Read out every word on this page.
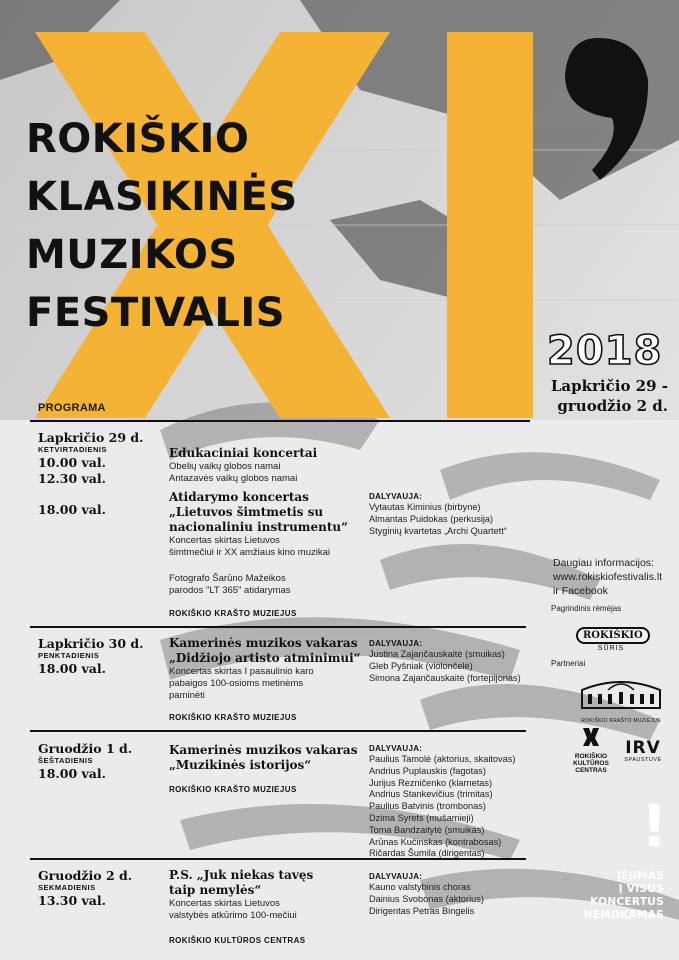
ROKIŠKIO
KLASIKINĖS
MUZIKOS
FESTIVALIS
2018
Lapkričio 29 -
gruodžio 2 d.
PROGRAMA
Lapkričio 29 d.
KETVIRTADIENIS
10.00 val.
12.30 val.
18.00 val.
Edukaciniai koncertai
Obelių vaikų globos namai
Antazavės vaikų globos namai
Atidarymo koncertas
„Lietuvos šimtmetis su
nacionaliniu instrumentu“
Koncertas skirtas Lietuvos
šimtmečiui ir XX amžiaus kino muzikai
Fotografo Šarūno Mažeikos
parodos "LT 365" atidarymas
ROKIŠKIO KRAŠTO MUZIEJUS
DALYVAUJA:
Vytautas Kiminius (birbyne)
Almantas Puidokas (perkusija)
Styginių kvartetas „Archi Quartett“
Lapkričio 30 d.
PENKTADIENIS
18.00 val.
Kamerinės muzikos vakaras
„Didžiojo artisto atminimui“
Koncertas skirtas I pasaulinio karo
pabaigos 100-osioms metinėms
paminėti
ROKIŠKIO KRAŠTO MUZIEJUS
DALYVAUJA:
Justina Zajančauskaitė (smuikas)
Gleb Pyšniak (violončelė)
Simona Zajančauskaitė (fortepijonas)
Gruodžio 1 d.
ŠEŠTADIENIS
18.00 val.
Kamerinės muzikos vakaras
„Muzikinės istorijos“
ROKIŠKIO KRAŠTO MUZIEJUS
DALYVAUJA:
Paulius Tamolė (aktorius, skaitovas)
Andrius Puplauskis (fagotas)
Jurijus Rezničenko (klarnetas)
Andrius Stankevičius (trimitas)
Paulius Batvinis (trombonas)
Dzima Syrets (mušamieji)
Toma Bandzaitytė (smuikas)
Arūnas Kučinskas (kontrabosas)
Ričardas Šumila (dirigentas)
Gruodžio 2 d.
SEKMADIENIS
13.30 val.
P.S. „Juk niekas tavęs
taip nemylės“
Koncertas skirtas Lietuvos
valstybės atkūrimo 100-mečiui
ROKIŠKIO KULTŪROS CENTRAS
DALYVAUJA:
Kauno valstybinis choras
Dainius Svobonas (aktorius)
Dirigentas Petras Bingelis
Daugiau informacijos:
www.rokiskiofestivalis.lt
ir Facebook
Pagrindinis rėmėjas
ROKIŠKIO
SŪRIS
Partneriai
ROKIŠKIO KRAŠTO MUZIEJUS
ROKIŠKIO
KULTŪROS
CENTRAS
IRV
SPAUSTUVĖ
!
ĮĖJIMAS
Į VISUS
KONCERTUS
NEMOKAMAS
